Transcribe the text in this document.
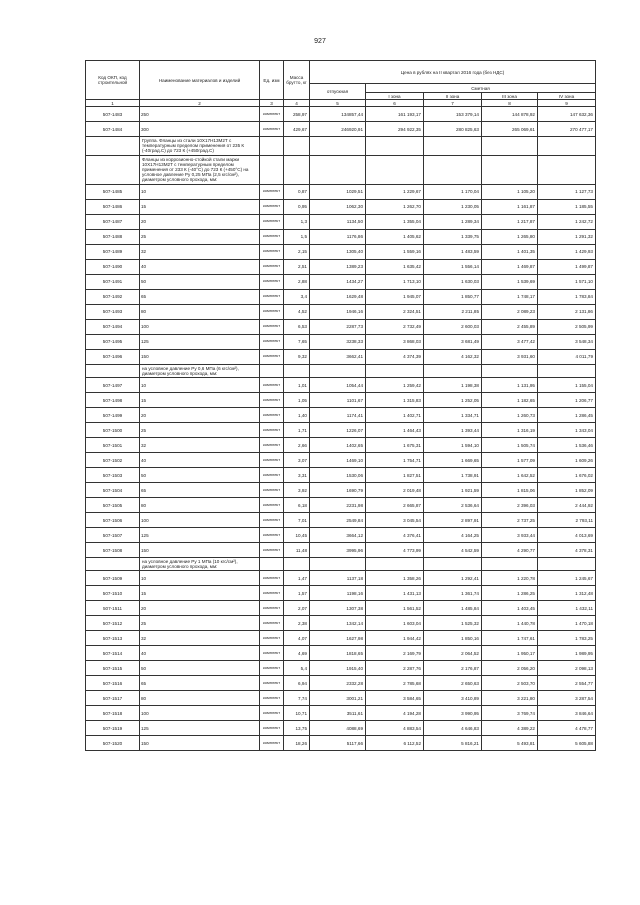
927
Код ОКП, код строительной	Наименование материалов и изделий	Ед. изм	Масса брутто, кг	Цена в рублях на II квартал 2016 года (без НДС)				
				отпускная	Сметная			
					I зона	II зона	III зона	IV зона
1	2	3	4	5	6	7	8	9
507-1483	250	комплект	258,97	134857,44	161 193,17	153 379,14	144 878,92	147 632,36
507-1484	300	комплект	429,67	246920,91	294 922,35	280 825,63	265 069,61	270 477,17
	Группа. Фланцы из стали 10Х17Н13М2Т с температурным пределом применения от 235 К (-40град.С) до 723 К (+450град.С)							
	Фланцы из коррозионно-стойкой стали марки 10Х17Н13М2Т с температурным пределом применения от 233 К (-40°С) до 723 К (+450°С) на условное давление Ру 0,25 МПа (2,5 кгс/см²), диаметром условного прохода, мм:							
507-1485	10	комплект	0,87	1029,51	1 229,67	1 170,04	1 105,20	1 127,73
507-1486	15	комплект	0,95	1062,30	1 262,70	1 230,05	1 161,87	1 185,55
507-1487	20	комплект	1,3	1134,50	1 355,04	1 289,34	1 217,87	1 242,72
507-1488	25	комплект	1,5	1176,86	1 405,62	1 339,75	1 265,80	1 291,32
507-1489	32	комплект	2,15	1305,40	1 559,16	1 483,59	1 401,35	1 429,93
507-1490	40	комплект	2,51	1389,23	1 635,42	1 556,14	1 469,87	1 499,87
507-1491	50	комплект	2,88	1434,27	1 713,10	1 630,03	1 539,69	1 571,10
507-1492	65	комплект	3,4	1629,48	1 945,07	1 850,77	1 748,17	1 783,84
507-1493	80	комплект	4,52	1946,16	2 324,51	2 211,85	2 089,23	2 131,86
507-1494	100	комплект	6,53	2287,73	2 732,49	2 600,03	2 455,89	2 505,99
507-1495	125	комплект	7,65	3238,33	3 868,03	3 681,49	3 477,42	3 548,34
507-1496	150	комплект	9,32	3662,41	4 374,39	4 162,32	3 931,60	4 011,79
	на условное давление Ру 0,6 МПа (6 кгс/см²), диаметром условного прохода, мм:							
507-1497	10	комплект	1,01	1054,44	1 259,42	1 198,38	1 131,95	1 155,04
507-1498	15	комплект	1,05	1101,67	1 315,83	1 252,05	1 182,65	1 206,77
507-1499	20	комплект	1,40	1174,41	1 402,71	1 334,71	1 260,73	1 286,45
507-1500	25	комплект	1,71	1226,07	1 464,43	1 393,44	1 316,19	1 343,04
507-1501	32	комплект	2,66	1402,65	1 675,31	1 594,10	1 505,74	1 536,46
507-1502	40	комплект	3,07	1469,10	1 754,71	1 669,65	1 577,09	1 609,26
507-1503	50	комплект	3,31	1530,06	1 827,51	1 738,91	1 642,52	1 676,02
507-1504	65	комплект	3,92	1690,79	2 019,48	1 921,59	1 815,06	1 852,09
507-1505	80	комплект	6,18	2231,98	2 665,87	2 536,64	2 396,03	2 444,92
507-1506	100	комплект	7,01	2549,84	3 045,54	2 897,91	2 737,25	2 793,11
507-1507	125	комплект	10,45	3664,12	4 376,41	4 164,25	3 933,44	4 013,69
507-1508	150	комплект	11,48	3995,96	4 773,99	4 542,59	4 290,77	4 378,31
	на условное давление Ру 1 МПа (10 кгс/см²), диаметром условного прохода, мм:							
507-1509	10	комплект	1,47	1137,18	1 358,26	1 292,41	1 220,78	1 245,67
507-1510	15	комплект	1,57	1198,16	1 431,13	1 361,74	1 286,25	1 312,48
507-1511	20	комплект	2,07	1307,38	1 561,52	1 485,84	1 403,45	1 432,11
507-1512	25	комплект	2,38	1342,14	1 603,04	1 525,32	1 440,78	1 470,18
507-1513	32	комплект	4,07	1627,98	1 944,42	1 850,16	1 747,61	1 783,25
507-1514	40	комплект	4,69	1818,65	2 169,79	2 064,52	1 950,17	1 989,95
507-1515	50	комплект	5,4	1915,40	2 287,76	2 176,87	2 056,20	2 098,13
507-1516	65	комплект	6,94	2332,28	2 785,68	2 650,63	2 503,70	2 554,77
507-1517	80	комплект	7,74	3001,21	3 584,65	3 410,89	3 221,80	3 287,54
507-1518	100	комплект	10,71	3511,61	4 194,28	3 990,95	3 769,74	3 846,64
507-1519	125	комплект	13,75	4088,69	4 883,54	4 646,83	4 389,22	4 478,77
507-1520	150	комплект	18,26	5117,66	6 112,52	5 816,21	5 493,81	5 605,88
